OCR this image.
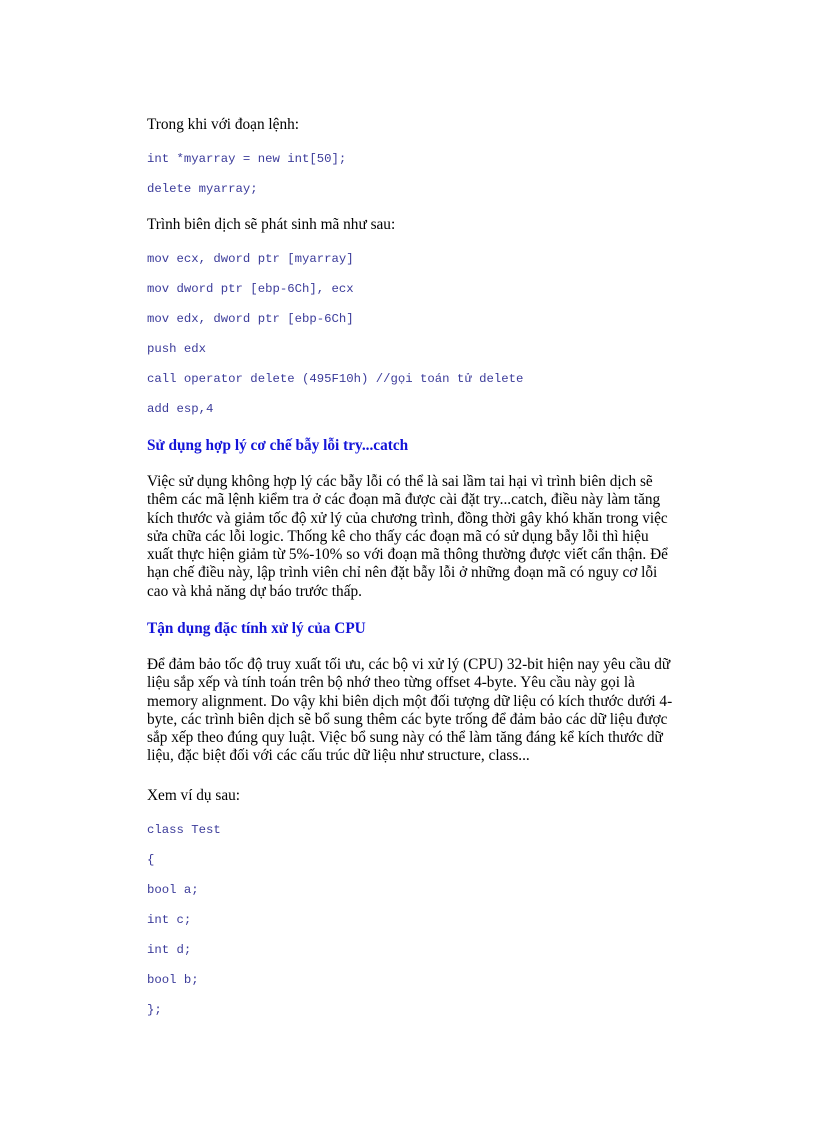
Trong khi với đoạn lệnh:

int *myarray = new int[50];

delete myarray;

Trình biên dịch sẽ phát sinh mã như sau:

mov ecx, dword ptr [myarray]

mov dword ptr [ebp-6Ch], ecx

mov edx, dword ptr [ebp-6Ch]

push edx

call operator delete (495F10h) //gọi toán tử delete

add esp,4

Sử dụng hợp lý cơ chế bẫy lỗi try...catch

Việc sử dụng không hợp lý các bẫy lỗi có thể là sai lầm tai hại vì trình biên dịch sẽ
thêm các mã lệnh kiểm tra ở các đoạn mã được cài đặt try...catch, điều này làm tăng
kích thước và giảm tốc độ xử lý của chương trình, đồng thời gây khó khăn trong việc
sửa chữa các lỗi logic. Thống kê cho thấy các đoạn mã có sử dụng bẫy lỗi thì hiệu
xuất thực hiện giảm từ 5%-10% so với đoạn mã thông thường được viết cẩn thận. Để
hạn chế điều này, lập trình viên chỉ nên đặt bẫy lỗi ở những đoạn mã có nguy cơ lỗi
cao và khả năng dự báo trước thấp.

Tận dụng đặc tính xử lý của CPU

Để đảm bảo tốc độ truy xuất tối ưu, các bộ vi xử lý (CPU) 32-bit hiện nay yêu cầu dữ
liệu sắp xếp và tính toán trên bộ nhớ theo từng offset 4-byte. Yêu cầu này gọi là
memory alignment. Do vậy khi biên dịch một đối tượng dữ liệu có kích thước dưới 4-
byte, các trình biên dịch sẽ bổ sung thêm các byte trống để đảm bảo các dữ liệu được
sắp xếp theo đúng quy luật. Việc bổ sung này có thể làm tăng đáng kể kích thước dữ
liệu, đặc biệt đối với các cấu trúc dữ liệu như structure, class...

Xem ví dụ sau:

class Test

{

bool a;

int c;

int d;

bool b;

};
